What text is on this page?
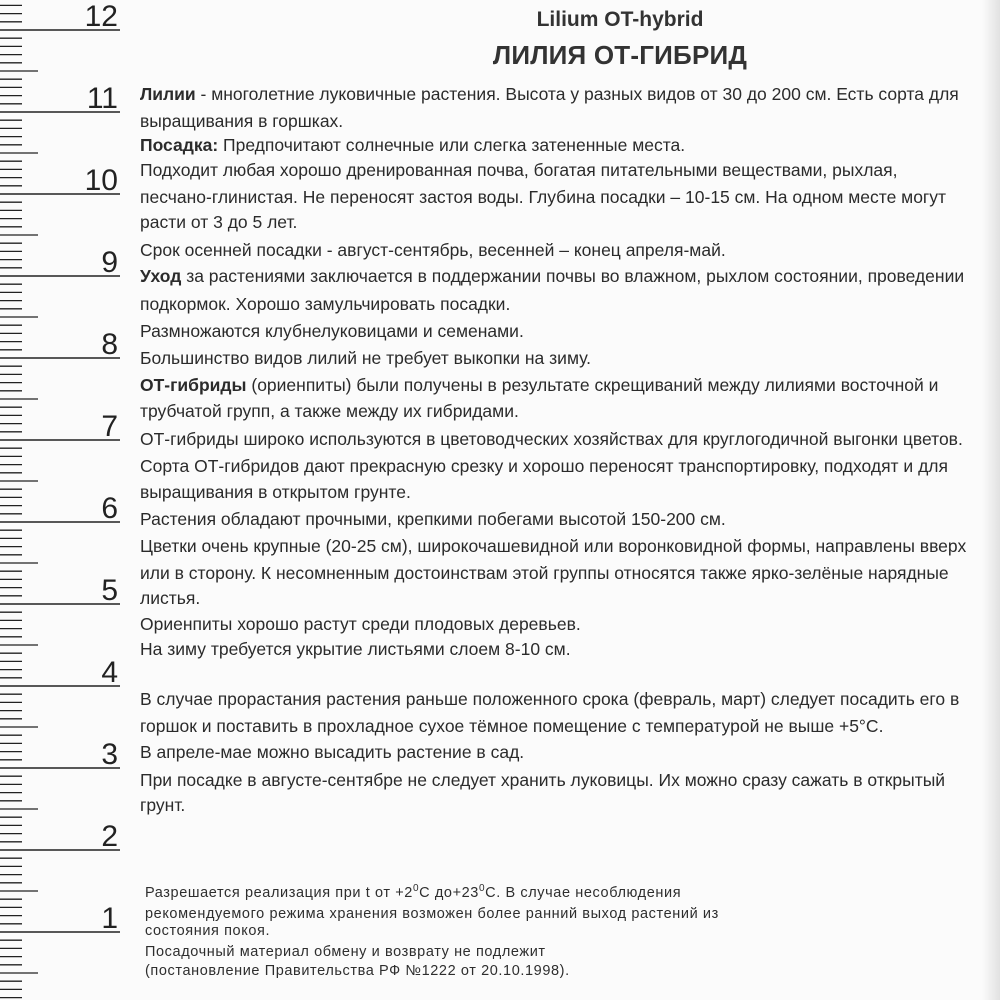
12
11
10
9
8
7
6
5
4
3
2
1
Lilium OT-hybrid
ЛИЛИЯ ОТ-ГИБРИД
Лилии - многолетние луковичные растения. Высота у разных видов от 30 до 200 см. Есть сорта для
выращивания в горшках.
Посадка: Предпочитают солнечные или слегка затененные места.
Подходит любая хорошо дренированная почва, богатая питательными веществами, рыхлая,
песчано-глинистая. Не переносят застоя воды. Глубина посадки – 10-15 см. На одном месте могут
расти от 3 до 5 лет.
Срок осенней посадки - август-сентябрь, весенней – конец апреля-май.
Уход за растениями заключается в поддержании почвы во влажном, рыхлом состоянии, проведении
подкормок. Хорошо замульчировать посадки.
Размножаются клубнелуковицами и семенами.
Большинство видов лилий не требует выкопки на зиму.
ОТ-гибриды (ориенпиты) были получены в результате скрещиваний между лилиями восточной и
трубчатой групп, а также между их гибридами.
ОТ-гибриды широко используются в цветоводческих хозяйствах для круглогодичной выгонки цветов.
Сорта ОТ-гибридов дают прекрасную срезку и хорошо переносят транспортировку, подходят и для
выращивания в открытом грунте.
Растения обладают прочными, крепкими побегами высотой 150-200 см.
Цветки очень крупные (20-25 см), широкочашевидной или воронковидной формы, направлены вверх
или в сторону. К несомненным достоинствам этой группы относятся также ярко-зелёные нарядные
листья.
Ориенпиты хорошо растут среди плодовых деревьев.
На зиму требуется укрытие листьями слоем 8-10 см.
В случае прорастания растения раньше положенного срока (февраль, март) следует посадить его в
горшок и поставить в прохладное сухое тёмное помещение с температурой не выше +5°С.
В апреле-мае можно высадить растение в сад.
При посадке в августе-сентябре не следует хранить луковицы. Их можно сразу сажать в открытый
грунт.
Разрешается реализация при t от $+2^0С$ $до+23^0С$. В случае несоблюдения
рекомендуемого режима хранения возможен более ранний выход растений из
состояния покоя.
Посадочный материал обмену и возврату не подлежит
(постановление Правительства РФ №1222 от 20.10.1998).
